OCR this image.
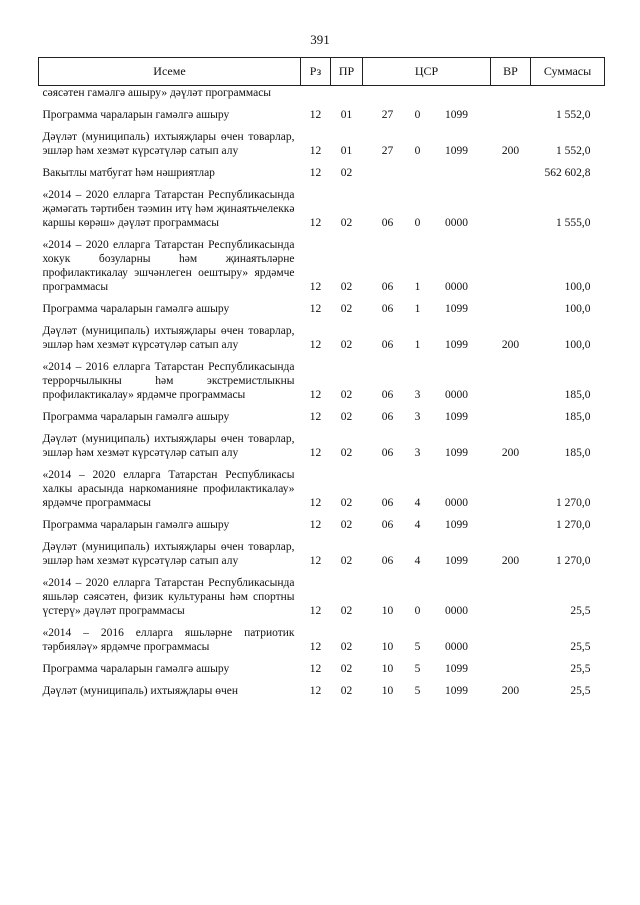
391
Исеме	Рз	ПР	ЦСР	ВР	Суммасы
сәясәтен гамәлгә ашыру» дәүләт программасы			

Программа чараларын гамәлгә ашыру	12	01	27 0 1099		1 552,0
Дәүләт (муниципаль) ихтыяҗлары өчен товарлар, эшләр һәм хезмәт күрсәтүләр сатып алу	12	01	27 0 1099	200	1 552,0
Вакытлы матбугат һәм нәшриятлар	12	02			562 602,8
«2014 – 2020 елларга Татарстан Республикасында җәмәгать тәртибен тәэмин итү һәм җинаятьчелеккә каршы көрәш» дәүләт программасы	12	02	06 0 0000		1 555,0
«2014 – 2020 елларга Татарстан Республикасында хокук бозуларны һәм җинаятьләрне профилактикалау эшчәнлеген оештыру» ярдәмче программасы	12	02	06 1 0000		100,0
Программа чараларын гамәлгә ашыру	12	02	06 1 1099		100,0
Дәүләт (муниципаль) ихтыяҗлары өчен товарлар, эшләр һәм хезмәт күрсәтүләр сатып алу	12	02	06 1 1099	200	100,0
«2014 – 2016 елларга Татарстан Республикасында террорчылыкны һәм экстремистлыкны профилактикалау» ярдәмче программасы	12	02	06 3 0000		185,0
Программа чараларын гамәлгә ашыру	12	02	06 3 1099		185,0
Дәүләт (муниципаль) ихтыяҗлары өчен товарлар, эшләр һәм хезмәт күрсәтүләр сатып алу	12	02	06 3 1099	200	185,0
«2014 – 2020 елларга Татарстан Республикасы халкы арасында наркоманияне профилактикалау» ярдәмче программасы	12	02	06 4 0000		1 270,0
Программа чараларын гамәлгә ашыру	12	02	06 4 1099		1 270,0
Дәүләт (муниципаль) ихтыяҗлары өчен товарлар, эшләр һәм хезмәт күрсәтүләр сатып алу	12	02	06 4 1099	200	1 270,0
«2014 – 2020 елларга Татарстан Республикасында яшьләр сәясәтен, физик культураны һәм спортны үстерү» дәүләт программасы	12	02	10 0 0000		25,5
«2014 – 2016 елларга яшьләрне патриотик тәрбияләү» ярдәмче программасы	12	02	10 5 0000		25,5
Программа чараларын гамәлгә ашыру	12	02	10 5 1099		25,5
Дәүләт (муниципаль) ихтыяҗлары өчен	12	02	10 5 1099	200	25,5
